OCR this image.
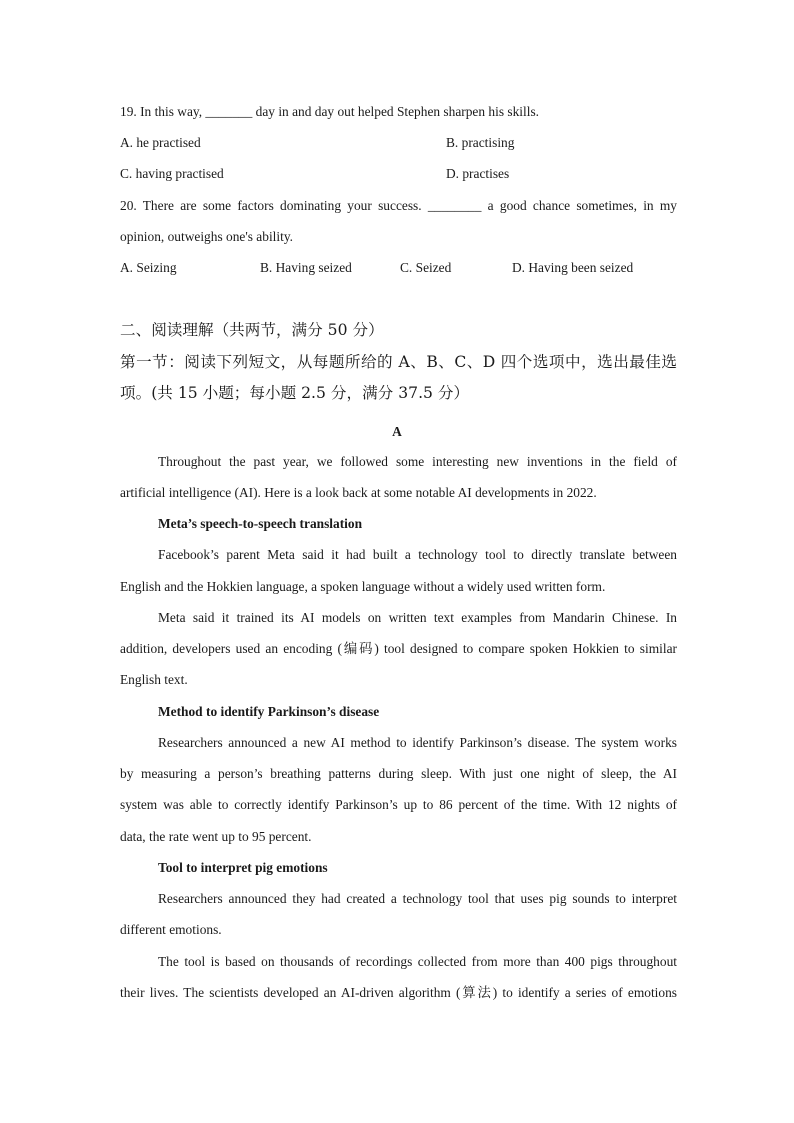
19. In this way, _______ day in and day out helped Stephen sharpen his skills.
A. he practised	B. practising
C. having practised	D. practises
20. There are some factors dominating your success. ________ a good chance sometimes, in my
opinion, outweighs one's ability.
A. Seizing	B. Having seized	C. Seized	D. Having been seized
二、阅读理解（共两节，满分 50 分）
第一节：阅读下列短文，从每题所给的 A、B、C、D 四个选项中，选出最佳选
项。(共 15 小题；每小题 2.5 分，满分 37.5 分）
A
Throughout the past year, we followed some interesting new inventions in the field of
artificial intelligence (AI). Here is a look back at some notable AI developments in 2022.
Meta’s speech-to-speech translation
Facebook’s parent Meta said it had built a technology tool to directly translate between
English and the Hokkien language, a spoken language without a widely used written form.
Meta said it trained its AI models on written text examples from Mandarin Chinese. In
addition, developers used an encoding (编码) tool designed to compare spoken Hokkien to similar
English text.
Method to identify Parkinson’s disease
Researchers announced a new AI method to identify Parkinson’s disease. The system works
by measuring a person’s breathing patterns during sleep. With just one night of sleep, the AI
system was able to correctly identify Parkinson’s up to 86 percent of the time. With 12 nights of
data, the rate went up to 95 percent.
Tool to interpret pig emotions
Researchers announced they had created a technology tool that uses pig sounds to interpret
different emotions.
The tool is based on thousands of recordings collected from more than 400 pigs throughout
their lives. The scientists developed an AI-driven algorithm (算法) to identify a series of emotions
